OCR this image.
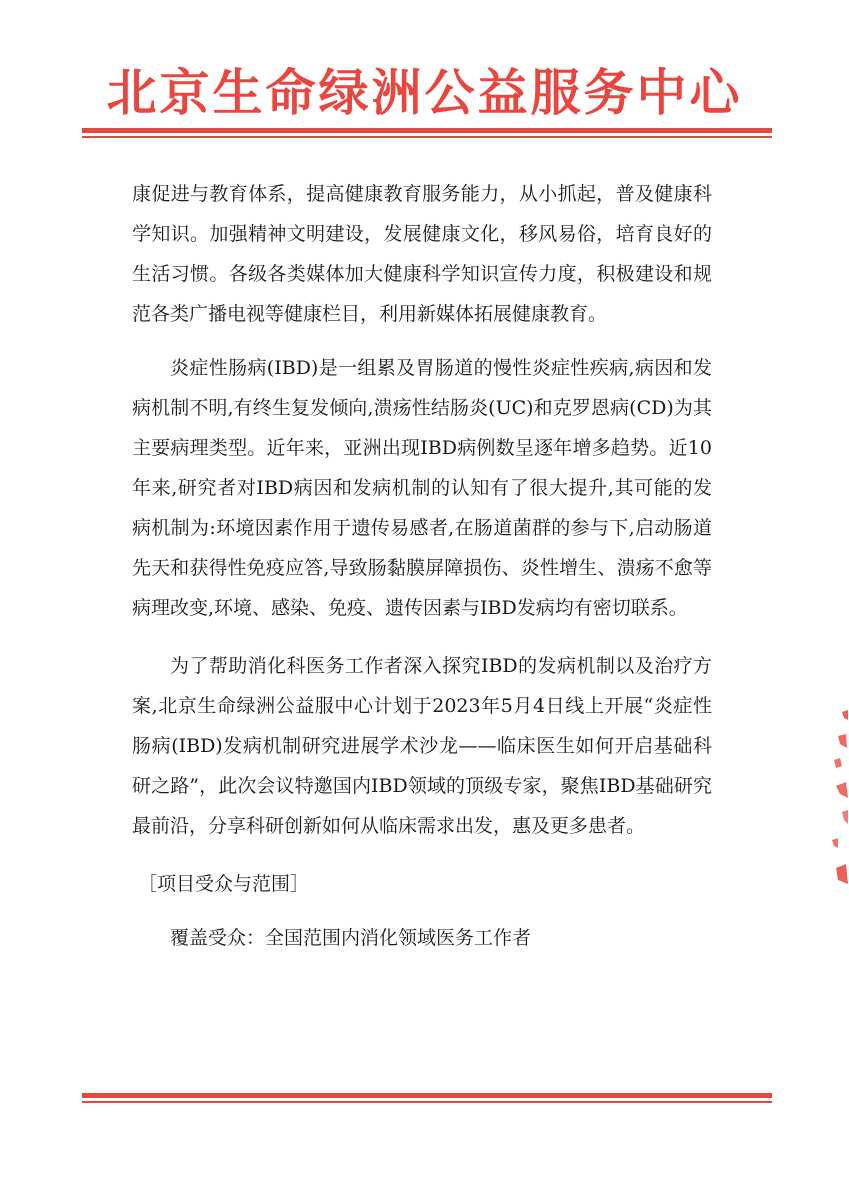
北京生命绿洲公益服务中心

康促进与教育体系，提高健康教育服务能力，从小抓起，普及健康科学知识。加强精神文明建设，发展健康文化，移风易俗，培育良好的生活习惯。各级各类媒体加大健康科学知识宣传力度，积极建设和规范各类广播电视等健康栏目，利用新媒体拓展健康教育。

炎症性肠病(IBD)是一组累及胃肠道的慢性炎症性疾病,病因和发病机制不明,有终生复发倾向,溃疡性结肠炎(UC)和克罗恩病(CD)为其主要病理类型。近年来，亚洲出现IBD病例数呈逐年增多趋势。近10年来,研究者对IBD病因和发病机制的认知有了很大提升,其可能的发病机制为:环境因素作用于遗传易感者,在肠道菌群的参与下,启动肠道先天和获得性免疫应答,导致肠黏膜屏障损伤、炎性增生、溃疡不愈等病理改变,环境、感染、免疫、遗传因素与IBD发病均有密切联系。

为了帮助消化科医务工作者深入探究IBD的发病机制以及治疗方案,北京生命绿洲公益服中心计划于2023年5月4日线上开展“炎症性肠病(IBD)发病机制研究进展学术沙龙——临床医生如何开启基础科研之路”，此次会议特邀国内IBD领域的顶级专家，聚焦IBD基础研究最前沿，分享科研创新如何从临床需求出发，惠及更多患者。

［项目受众与范围］

覆盖受众：全国范围内消化领域医务工作者
